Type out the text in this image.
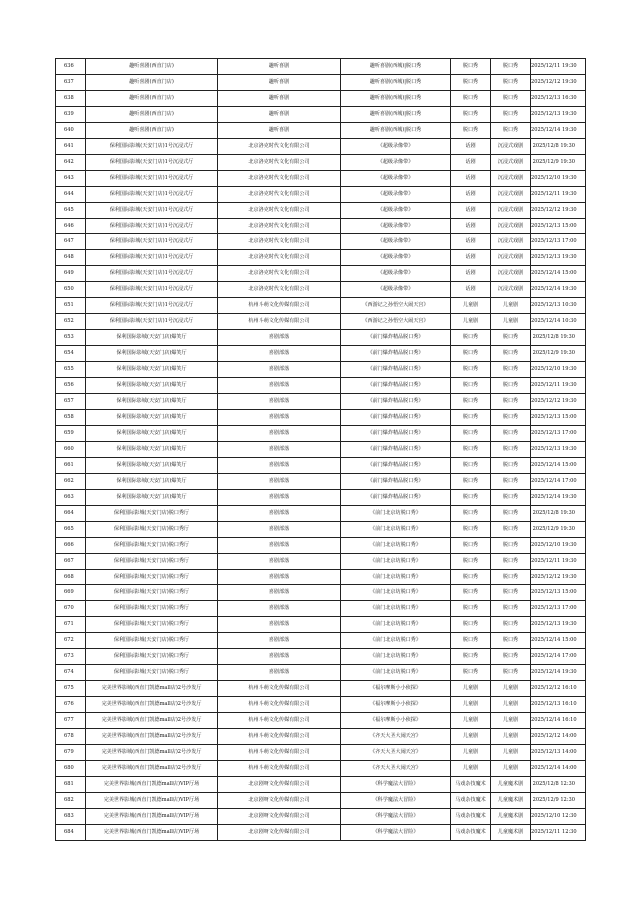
636	趣听喜剧(西直门店)	趣听喜剧	趣听喜剧(西城)|脱口秀	脱口秀	脱口秀	2025/12/11 19:30
637	趣听喜剧(西直门店)	趣听喜剧	趣听喜剧(西城)|脱口秀	脱口秀	脱口秀	2025/12/12 19:30
638	趣听喜剧(西直门店)	趣听喜剧	趣听喜剧(西城)|脱口秀	脱口秀	脱口秀	2025/12/13 16:30
639	趣听喜剧(西直门店)	趣听喜剧	趣听喜剧(西城)|脱口秀	脱口秀	脱口秀	2025/12/13 19:30
640	趣听喜剧(西直门店)	趣听喜剧	趣听喜剧(西城)|脱口秀	脱口秀	脱口秀	2025/12/14 19:30
641	保利国际影城(天安门店)1号沉浸式厅	北京洛克时代文化有限公司	《超级录像带》	话剧	沉浸式戏剧	2025/12/8 19:30
642	保利国际影城(天安门店)1号沉浸式厅	北京洛克时代文化有限公司	《超级录像带》	话剧	沉浸式戏剧	2025/12/9 19:30
643	保利国际影城(天安门店)1号沉浸式厅	北京洛克时代文化有限公司	《超级录像带》	话剧	沉浸式戏剧	2025/12/10 19:30
644	保利国际影城(天安门店)1号沉浸式厅	北京洛克时代文化有限公司	《超级录像带》	话剧	沉浸式戏剧	2025/12/11 19:30
645	保利国际影城(天安门店)1号沉浸式厅	北京洛克时代文化有限公司	《超级录像带》	话剧	沉浸式戏剧	2025/12/12 19:30
646	保利国际影城(天安门店)1号沉浸式厅	北京洛克时代文化有限公司	《超级录像带》	话剧	沉浸式戏剧	2025/12/13 15:00
647	保利国际影城(天安门店)1号沉浸式厅	北京洛克时代文化有限公司	《超级录像带》	话剧	沉浸式戏剧	2025/12/13 17:00
648	保利国际影城(天安门店)1号沉浸式厅	北京洛克时代文化有限公司	《超级录像带》	话剧	沉浸式戏剧	2025/12/13 19:30
649	保利国际影城(天安门店)1号沉浸式厅	北京洛克时代文化有限公司	《超级录像带》	话剧	沉浸式戏剧	2025/12/14 15:00
650	保利国际影城(天安门店)1号沉浸式厅	北京洛克时代文化有限公司	《超级录像带》	话剧	沉浸式戏剧	2025/12/14 19:30
651	保利国际影城(天安门店)1号沉浸式厅	杭州斗萌文化传媒有限公司	《西游记之孙悟空大闹天宫》	儿童剧	儿童剧	2025/12/13 10:30
652	保利国际影城(天安门店)1号沉浸式厅	杭州斗萌文化传媒有限公司	《西游记之孙悟空大闹天宫》	儿童剧	儿童剧	2025/12/14 10:30
653	保利国际影城(天安门店)爆笑厅	喜剧部落	《前门爆炸精品脱口秀》	脱口秀	脱口秀	2025/12/8 19:30
654	保利国际影城(天安门店)爆笑厅	喜剧部落	《前门爆炸精品脱口秀》	脱口秀	脱口秀	2025/12/9 19:30
655	保利国际影城(天安门店)爆笑厅	喜剧部落	《前门爆炸精品脱口秀》	脱口秀	脱口秀	2025/12/10 19:30
656	保利国际影城(天安门店)爆笑厅	喜剧部落	《前门爆炸精品脱口秀》	脱口秀	脱口秀	2025/12/11 19:30
657	保利国际影城(天安门店)爆笑厅	喜剧部落	《前门爆炸精品脱口秀》	脱口秀	脱口秀	2025/12/12 19:30
658	保利国际影城(天安门店)爆笑厅	喜剧部落	《前门爆炸精品脱口秀》	脱口秀	脱口秀	2025/12/13 15:00
659	保利国际影城(天安门店)爆笑厅	喜剧部落	《前门爆炸精品脱口秀》	脱口秀	脱口秀	2025/12/13 17:00
660	保利国际影城(天安门店)爆笑厅	喜剧部落	《前门爆炸精品脱口秀》	脱口秀	脱口秀	2025/12/13 19:30
661	保利国际影城(天安门店)爆笑厅	喜剧部落	《前门爆炸精品脱口秀》	脱口秀	脱口秀	2025/12/14 15:00
662	保利国际影城(天安门店)爆笑厅	喜剧部落	《前门爆炸精品脱口秀》	脱口秀	脱口秀	2025/12/14 17:00
663	保利国际影城(天安门店)爆笑厅	喜剧部落	《前门爆炸精品脱口秀》	脱口秀	脱口秀	2025/12/14 19:30
664	保利国际影城(天安门店)脱口秀厅	喜剧部落	《前门北京坊脱口秀》	脱口秀	脱口秀	2025/12/8 19:30
665	保利国际影城(天安门店)脱口秀厅	喜剧部落	《前门北京坊脱口秀》	脱口秀	脱口秀	2025/12/9 19:30
666	保利国际影城(天安门店)脱口秀厅	喜剧部落	《前门北京坊脱口秀》	脱口秀	脱口秀	2025/12/10 19:30
667	保利国际影城(天安门店)脱口秀厅	喜剧部落	《前门北京坊脱口秀》	脱口秀	脱口秀	2025/12/11 19:30
668	保利国际影城(天安门店)脱口秀厅	喜剧部落	《前门北京坊脱口秀》	脱口秀	脱口秀	2025/12/12 19:30
669	保利国际影城(天安门店)脱口秀厅	喜剧部落	《前门北京坊脱口秀》	脱口秀	脱口秀	2025/12/13 15:00
670	保利国际影城(天安门店)脱口秀厅	喜剧部落	《前门北京坊脱口秀》	脱口秀	脱口秀	2025/12/13 17:00
671	保利国际影城(天安门店)脱口秀厅	喜剧部落	《前门北京坊脱口秀》	脱口秀	脱口秀	2025/12/13 19:30
672	保利国际影城(天安门店)脱口秀厅	喜剧部落	《前门北京坊脱口秀》	脱口秀	脱口秀	2025/12/14 15:00
673	保利国际影城(天安门店)脱口秀厅	喜剧部落	《前门北京坊脱口秀》	脱口秀	脱口秀	2025/12/14 17:00
674	保利国际影城(天安门店)脱口秀厅	喜剧部落	《前门北京坊脱口秀》	脱口秀	脱口秀	2025/12/14 19:30
675	完美世界影城(西直门凯德mall店)2号沙发厅	杭州斗萌文化传媒有限公司	《福尔摩斯小小侦探》	儿童剧	儿童剧	2025/12/12 16:10
676	完美世界影城(西直门凯德mall店)2号沙发厅	杭州斗萌文化传媒有限公司	《福尔摩斯小小侦探》	儿童剧	儿童剧	2025/12/13 16:10
677	完美世界影城(西直门凯德mall店)2号沙发厅	杭州斗萌文化传媒有限公司	《福尔摩斯小小侦探》	儿童剧	儿童剧	2025/12/14 16:10
678	完美世界影城(西直门凯德mall店)2号沙发厅	杭州斗萌文化传媒有限公司	《齐天大圣大闹天宫》	儿童剧	儿童剧	2025/12/12 14:00
679	完美世界影城(西直门凯德mall店)2号沙发厅	杭州斗萌文化传媒有限公司	《齐天大圣大闹天宫》	儿童剧	儿童剧	2025/12/13 14:00
680	完美世界影城(西直门凯德mall店)2号沙发厅	杭州斗萌文化传媒有限公司	《齐天大圣大闹天宫》	儿童剧	儿童剧	2025/12/14 14:00
681	完美世界影城(西直门凯德mall店)VIP厅场	北京剧呀文化传媒有限公司	《科学魔法大冒险》	马戏杂技魔术	儿童魔术剧	2025/12/8 12:30
682	完美世界影城(西直门凯德mall店)VIP厅场	北京剧呀文化传媒有限公司	《科学魔法大冒险》	马戏杂技魔术	儿童魔术剧	2025/12/9 12:30
683	完美世界影城(西直门凯德mall店)VIP厅场	北京剧呀文化传媒有限公司	《科学魔法大冒险》	马戏杂技魔术	儿童魔术剧	2025/12/10 12:30
684	完美世界影城(西直门凯德mall店)VIP厅场	北京剧呀文化传媒有限公司	《科学魔法大冒险》	马戏杂技魔术	儿童魔术剧	2025/12/11 12:30
